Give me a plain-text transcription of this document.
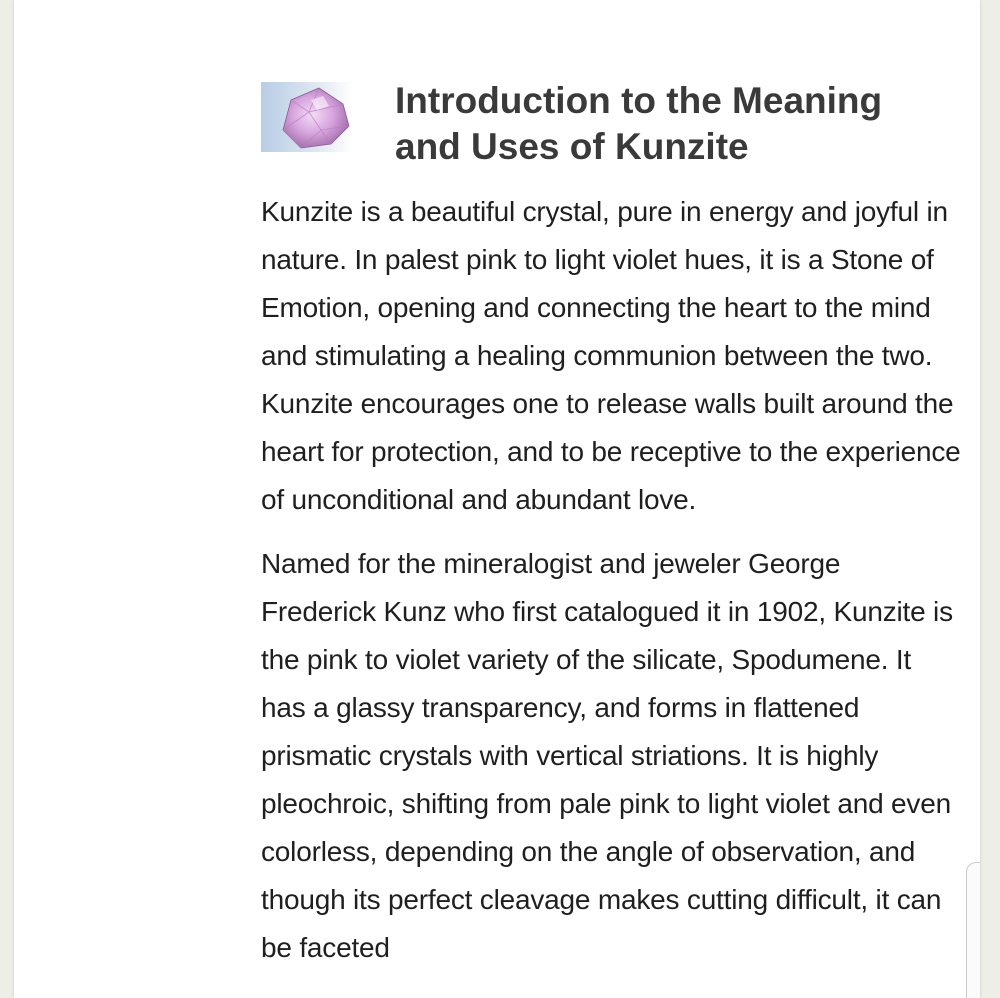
Introduction to the Meaning and Uses of Kunzite

Kunzite is a beautiful crystal, pure in energy and joyful in nature. In palest pink to light violet hues, it is a Stone of Emotion, opening and connecting the heart to the mind and stimulating a healing communion between the two. Kunzite encourages one to release walls built around the heart for protection, and to be receptive to the experience of unconditional and abundant love.

Named for the mineralogist and jeweler George Frederick Kunz who first catalogued it in 1902, Kunzite is the pink to violet variety of the silicate, Spodumene. It has a glassy transparency, and forms in flattened prismatic crystals with vertical striations. It is highly pleochroic, shifting from pale pink to light violet and even colorless, depending on the angle of observation, and though its perfect cleavage makes cutting difficult, it can be faceted
